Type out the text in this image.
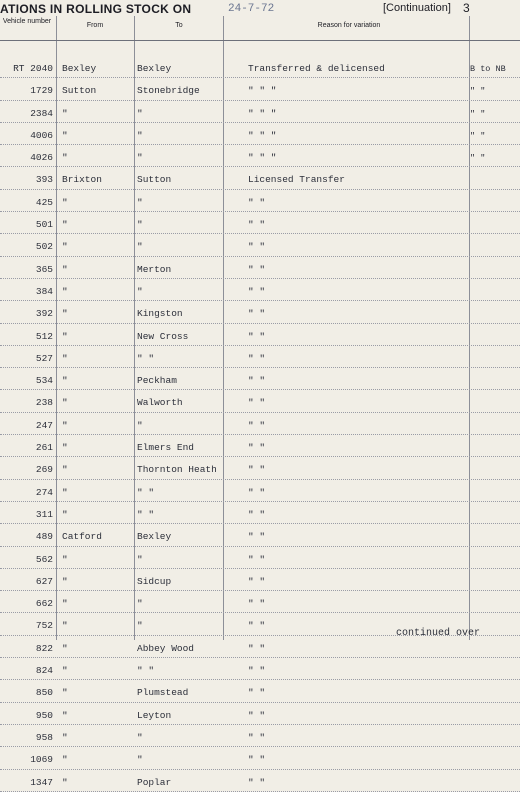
ATIONS IN ROLLING STOCK ON	24-7-72	[Continuation] 3
Vehicle number
From	To	Reason for variation
RT 2040 Bexley	Bexley	Transferred & delicensed	B to NB
1729 Sutton	Stonebridge	" " "	" "
2384 "	"	" " "	" "
4006 "	"	" " "	" "
4026 "	"	" " "	" "
393 Brixton	Sutton	Licensed Transfer
425 "	"	" "
501 "	"	" "
502 "	"	" "
365 "	Merton	" "
384 "	"	" "
392 "	Kingston	" "
512 "	New Cross	" "
527 "	" "	" "
534 "	Peckham	" "
238 "	Walworth	" "
247 "	"	" "
261 "	Elmers End	" "
269 "	Thornton Heath	" "
274 "	" "	" "
311 "	" "	" "
489 Catford	Bexley	" "
562 "	"	" "
627 "	Sidcup	" "
662 "	"	" "
752 "	"	" "
822 "	Abbey Wood	" "
824 "	" "	" "
850 "	Plumstead	" "
950 "	Leyton	" "
958 "	"	" "
1069 "	"	" "
1347 "	Poplar	" "
continued over
